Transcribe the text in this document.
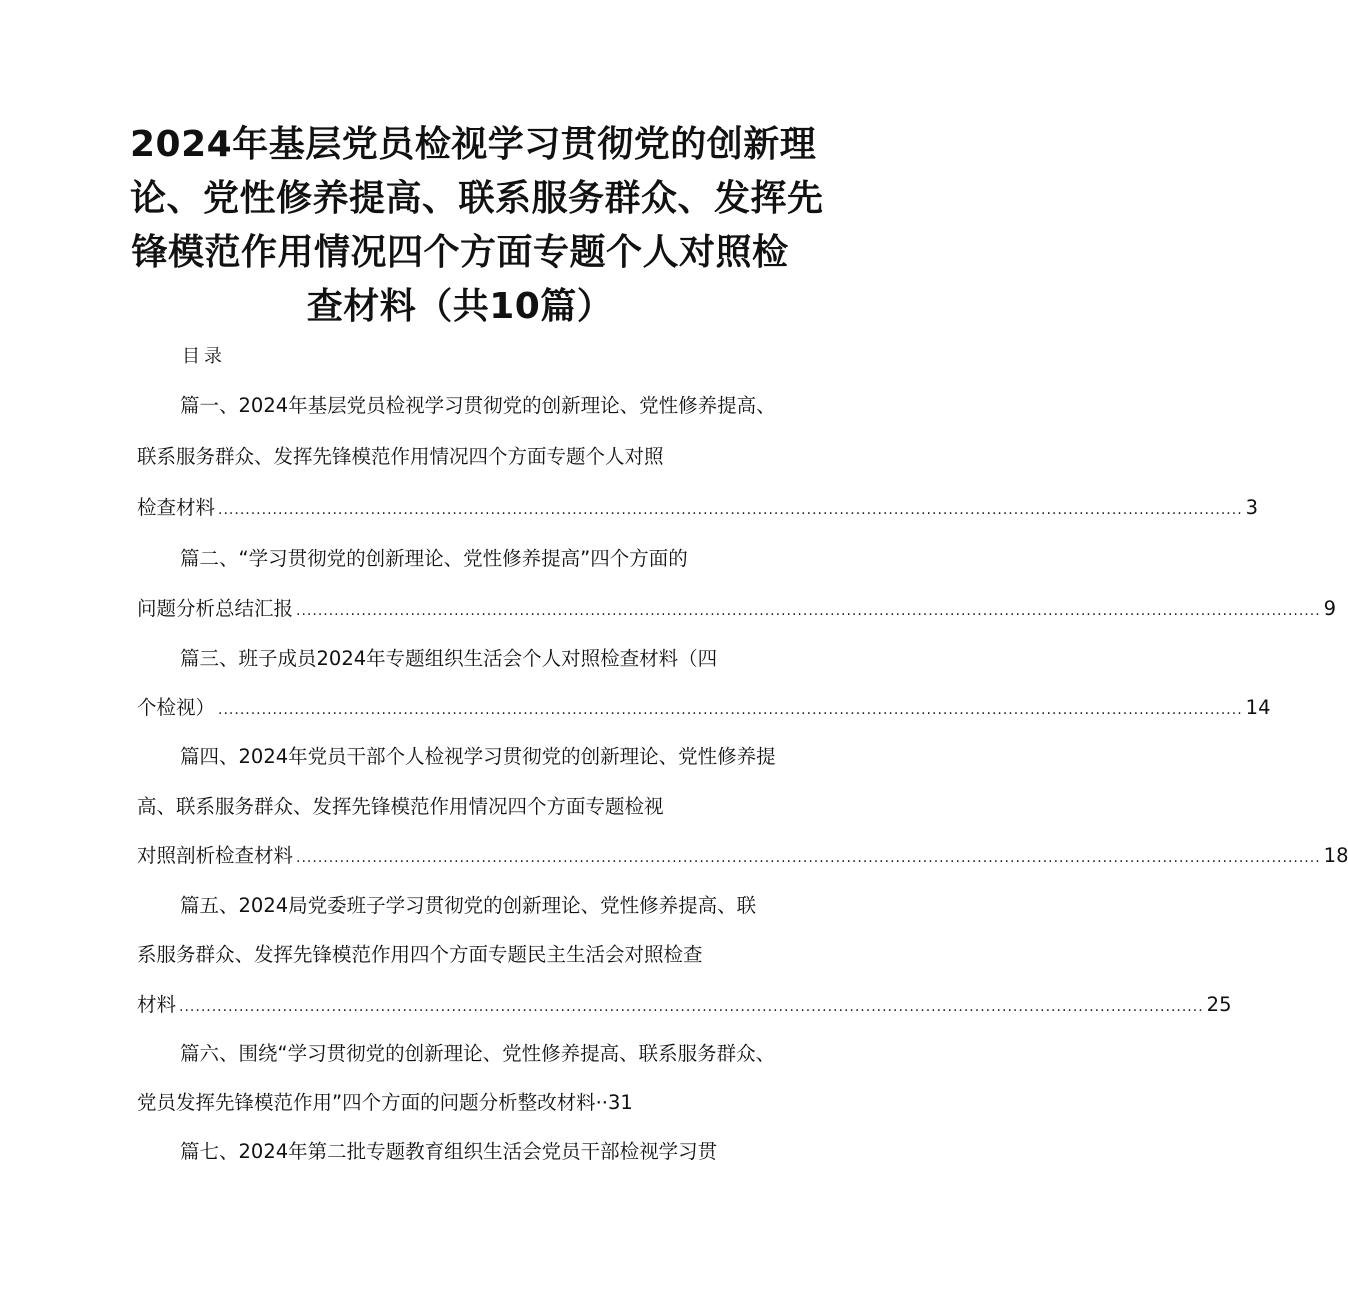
2024年基层党员检视学习贯彻党的创新理
论、党性修养提高、联系服务群众、发挥先
锋模范作用情况四个方面专题个人对照检
查材料（共10篇）
目录
篇一、2024年基层党员检视学习贯彻党的创新理论、党性修养提高、
联系服务群众、发挥先锋模范作用情况四个方面专题个人对照
检查材料 ............................................................................................................................................................................................ 3
篇二、“学习贯彻党的创新理论、党性修养提高”四个方面的
问题分析总结汇报 ............................................................................................................................................................................................ 9
篇三、班子成员2024年专题组织生活会个人对照检查材料（四
个检视） ............................................................................................................................................................................................ 14
篇四、2024年党员干部个人检视学习贯彻党的创新理论、党性修养提
高、联系服务群众、发挥先锋模范作用情况四个方面专题检视
对照剖析检查材料 ............................................................................................................................................................................................ 18
篇五、2024局党委班子学习贯彻党的创新理论、党性修养提高、联
系服务群众、发挥先锋模范作用四个方面专题民主生活会对照检查
材料 ............................................................................................................................................................................................ 25
篇六、围绕“学习贯彻党的创新理论、党性修养提高、联系服务群众、
党员发挥先锋模范作用”四个方面的问题分析整改材料··31
篇七、2024年第二批专题教育组织生活会党员干部检视学习贯
